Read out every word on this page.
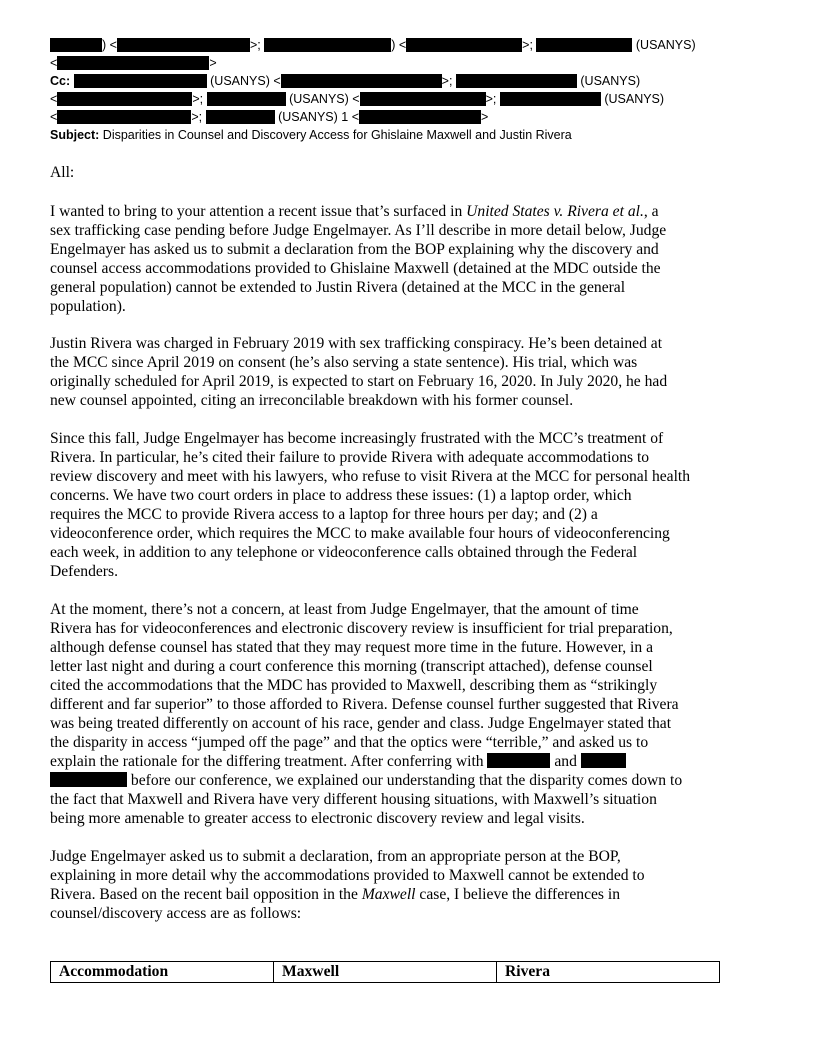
) <	>;	) <	>;	(USANYS)
<	>
Cc:	(USANYS) <	>;	(USANYS)
<	>;	(USANYS) <	>;	(USANYS)
<	>;	(USANYS) 1 <	>
Subject: Disparities in Counsel and Discovery Access for Ghislaine Maxwell and Justin Rivera

All:

I wanted to bring to your attention a recent issue that’s surfaced in United States v. Rivera et al., a
sex trafficking case pending before Judge Engelmayer. As I’ll describe in more detail below, Judge
Engelmayer has asked us to submit a declaration from the BOP explaining why the discovery and
counsel access accommodations provided to Ghislaine Maxwell (detained at the MDC outside the
general population) cannot be extended to Justin Rivera (detained at the MCC in the general
population).
Justin Rivera was charged in February 2019 with sex trafficking conspiracy. He’s been detained at
the MCC since April 2019 on consent (he’s also serving a state sentence). His trial, which was
originally scheduled for April 2019, is expected to start on February 16, 2020. In July 2020, he had
new counsel appointed, citing an irreconcilable breakdown with his former counsel.
Since this fall, Judge Engelmayer has become increasingly frustrated with the MCC’s treatment of
Rivera. In particular, he’s cited their failure to provide Rivera with adequate accommodations to
review discovery and meet with his lawyers, who refuse to visit Rivera at the MCC for personal health
concerns. We have two court orders in place to address these issues: (1) a laptop order, which
requires the MCC to provide Rivera access to a laptop for three hours per day; and (2) a
videoconference order, which requires the MCC to make available four hours of videoconferencing
each week, in addition to any telephone or videoconference calls obtained through the Federal
Defenders.
At the moment, there’s not a concern, at least from Judge Engelmayer, that the amount of time
Rivera has for videoconferences and electronic discovery review is insufficient for trial preparation,
although defense counsel has stated that they may request more time in the future. However, in a
letter last night and during a court conference this morning (transcript attached), defense counsel
cited the accommodations that the MDC has provided to Maxwell, describing them as “strikingly
different and far superior” to those afforded to Rivera. Defense counsel further suggested that Rivera
was being treated differently on account of his race, gender and class. Judge Engelmayer stated that
the disparity in access “jumped off the page” and that the optics were “terrible,” and asked us to
explain the rationale for the differing treatment. After conferring with	and
before our conference, we explained our understanding that the disparity comes down to
the fact that Maxwell and Rivera have very different housing situations, with Maxwell’s situation
being more amenable to greater access to electronic discovery review and legal visits.
Judge Engelmayer asked us to submit a declaration, from an appropriate person at the BOP,
explaining in more detail why the accommodations provided to Maxwell cannot be extended to
Rivera. Based on the recent bail opposition in the Maxwell case, I believe the differences in
counsel/discovery access are as follows:
Accommodation	Maxwell	Rivera
